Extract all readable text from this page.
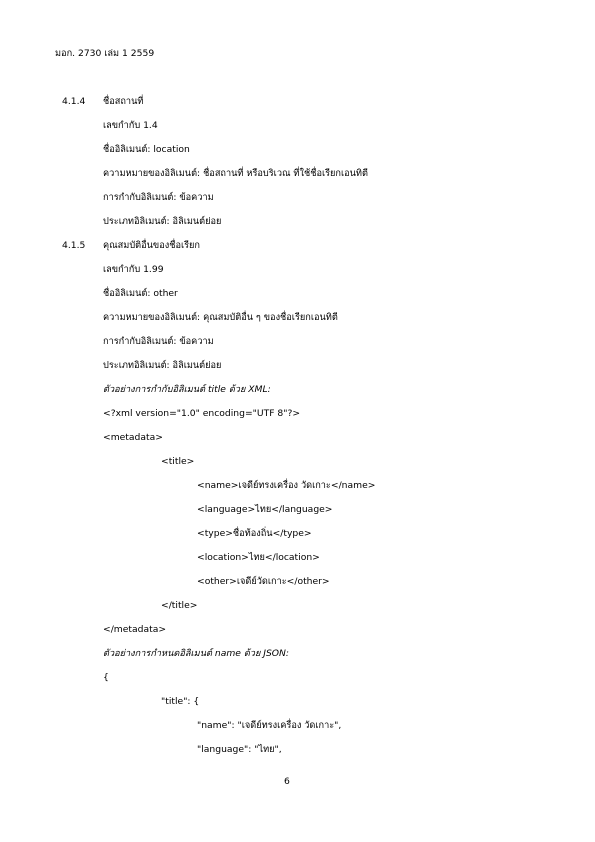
มอก. 2730 เล่ม 1 2559
4.1.4 ชื่อสถานที่
เลขกำกับ 1.4
ชื่ออิลิเมนต์: location
ความหมายของอิลิเมนต์: ชื่อสถานที่ หรือบริเวณ ที่ใช้ชื่อเรียกเอนทิตี
การกำกับอิลิเมนต์: ข้อความ
ประเภทอิลิเมนต์: อิลิเมนต์ย่อย
4.1.5 คุณสมบัติอื่นของชื่อเรียก
เลขกำกับ 1.99
ชื่ออิลิเมนต์: other
ความหมายของอิลิเมนต์: คุณสมบัติอื่น ๆ ของชื่อเรียกเอนทิตี
การกำกับอิลิเมนต์: ข้อความ
ประเภทอิลิเมนต์: อิลิเมนต์ย่อย
ตัวอย่างการกำกับอิลิเมนต์ title ด้วย XML:
<?xml version="1.0" encoding="UTF 8"?>
<metadata>
<title>
<name>เจดีย์ทรงเครื่อง วัดเกาะ</name>
<language>ไทย</language>
<type>ชื่อท้องถิ่น</type>
<location>ไทย</location>
<other>เจดีย์วัดเกาะ</other>
</title>
</metadata>
ตัวอย่างการกำหนดอิลิเมนต์ name ด้วย JSON:
{
"title": {
"name": "เจดีย์ทรงเครื่อง วัดเกาะ",
"language": "ไทย",
6
